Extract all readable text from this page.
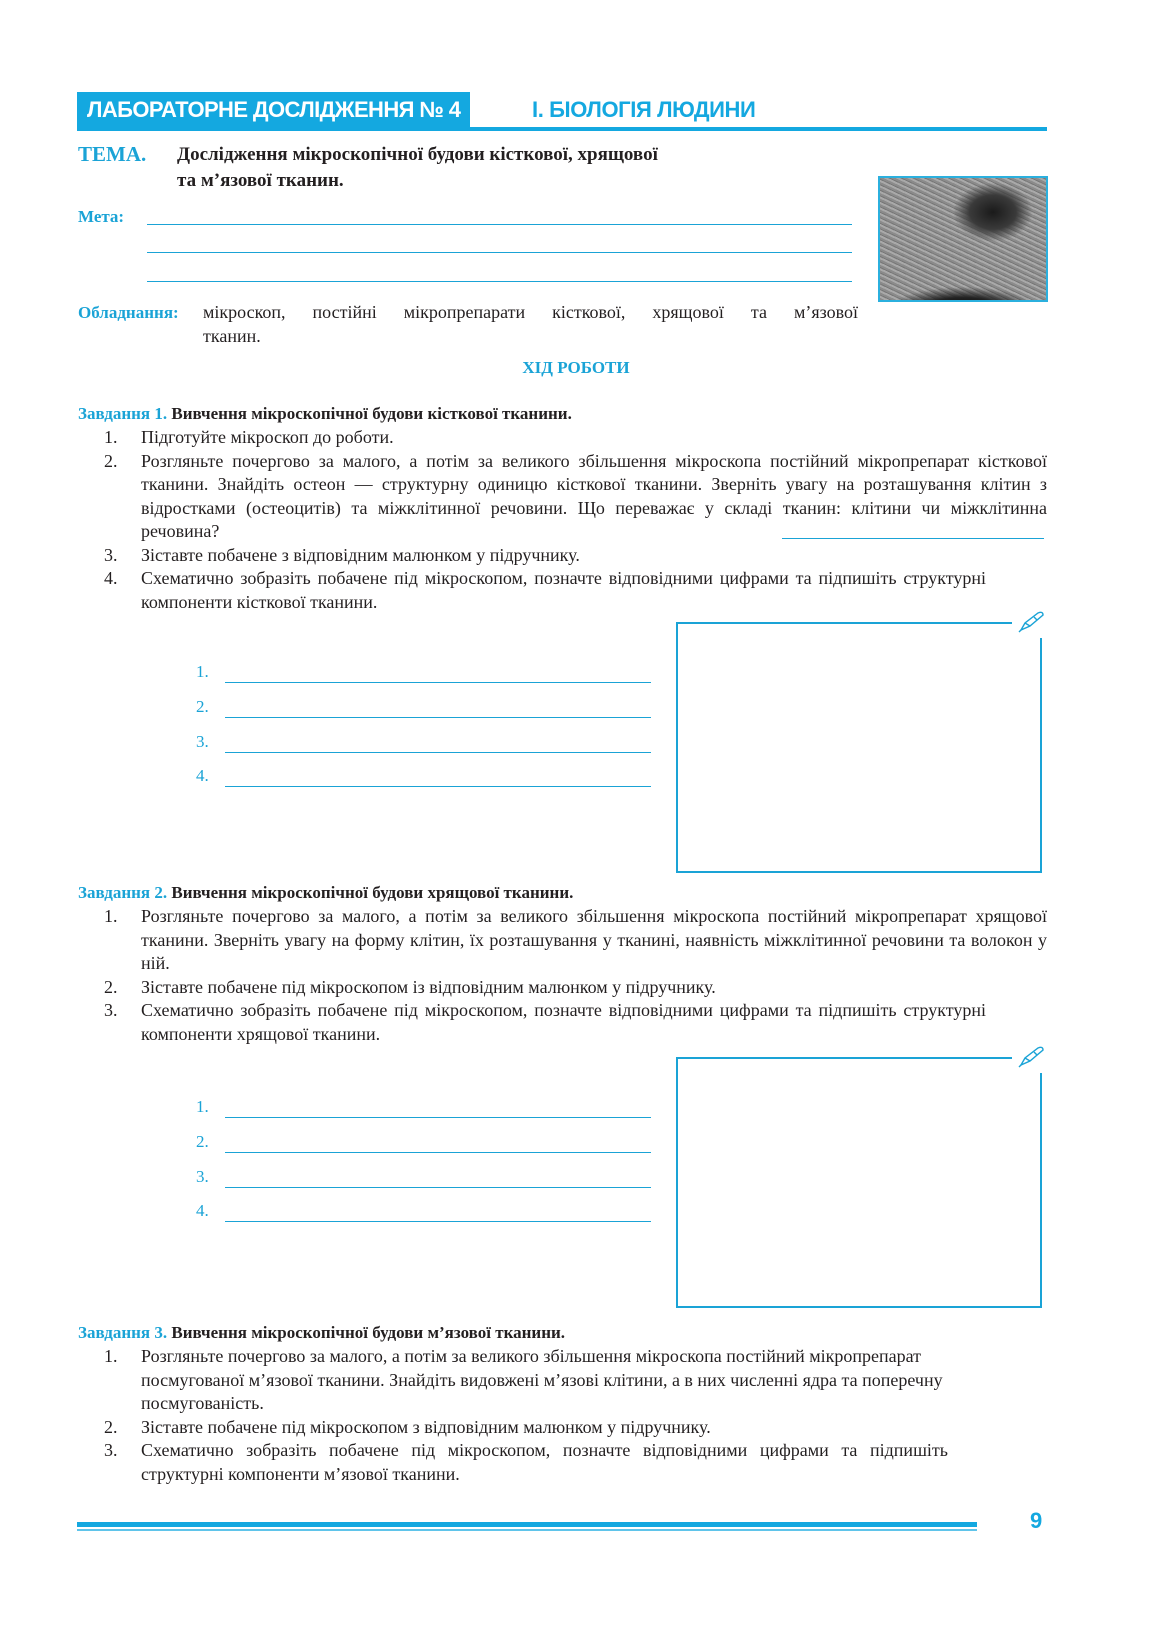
ЛАБОРАТОРНЕ ДОСЛІДЖЕННЯ № 4	І. БІОЛОГІЯ ЛЮДИНИ
ТЕМА. Дослідження мікроскопічної будови кісткової, хрящової
та м’язової тканин.
Мета:
Обладнання: мікроскоп, постійні мікропрепарати кісткової, хрящової та м’язової
тканин.
ХІД РОБОТИ
Завдання 1. Вивчення мікроскопічної будови кісткової тканини.
1.	Підготуйте мікроскоп до роботи.
2.	Розгляньте почергово за малого, а потім за великого збільшення мікроскопа постійний мікропрепарат кісткової тканини. Знайдіть остеон — структурну одиницю кісткової тканини. Зверніть увагу на розташування клітин з відростками (остеоцитів) та міжклітинної речовини. Що переважає у складі тканин: клітини чи міжклітинна речовина?
3.	Зіставте побачене з відповідним малюнком у підручнику.
4.	Схематично зобразіть побачене під мікроскопом, позначте відповідними цифрами та підпишіть структурні компоненти кісткової тканини.
1.
2.
3.
4.
Завдання 2. Вивчення мікроскопічної будови хрящової тканини.
1.	Розгляньте почергово за малого, а потім за великого збільшення мікроскопа постійний мікропрепарат хрящової тканини. Зверніть увагу на форму клітин, їх розташування у тканині, наявність міжклітинної речовини та волокон у ній.
2.	Зіставте побачене під мікроскопом із відповідним малюнком у підручнику.
3.	Схематично зобразіть побачене під мікроскопом, позначте відповідними цифрами та підпишіть структурні компоненти хрящової тканини.
1.
2.
3.
4.
Завдання 3. Вивчення мікроскопічної будови м’язової тканини.
1.	Розгляньте почергово за малого, а потім за великого збільшення мікроскопа постійний мікропрепарат посмугованої м’язової тканини. Знайдіть видовжені м’язові клітини, а в них численні ядра та поперечну посмугованість.
2.	Зіставте побачене під мікроскопом з відповідним малюнком у підручнику.
3.	Схематично зобразіть побачене під мікроскопом, позначте відповідними цифрами та підпишіть структурні компоненти м’язової тканини.
9
